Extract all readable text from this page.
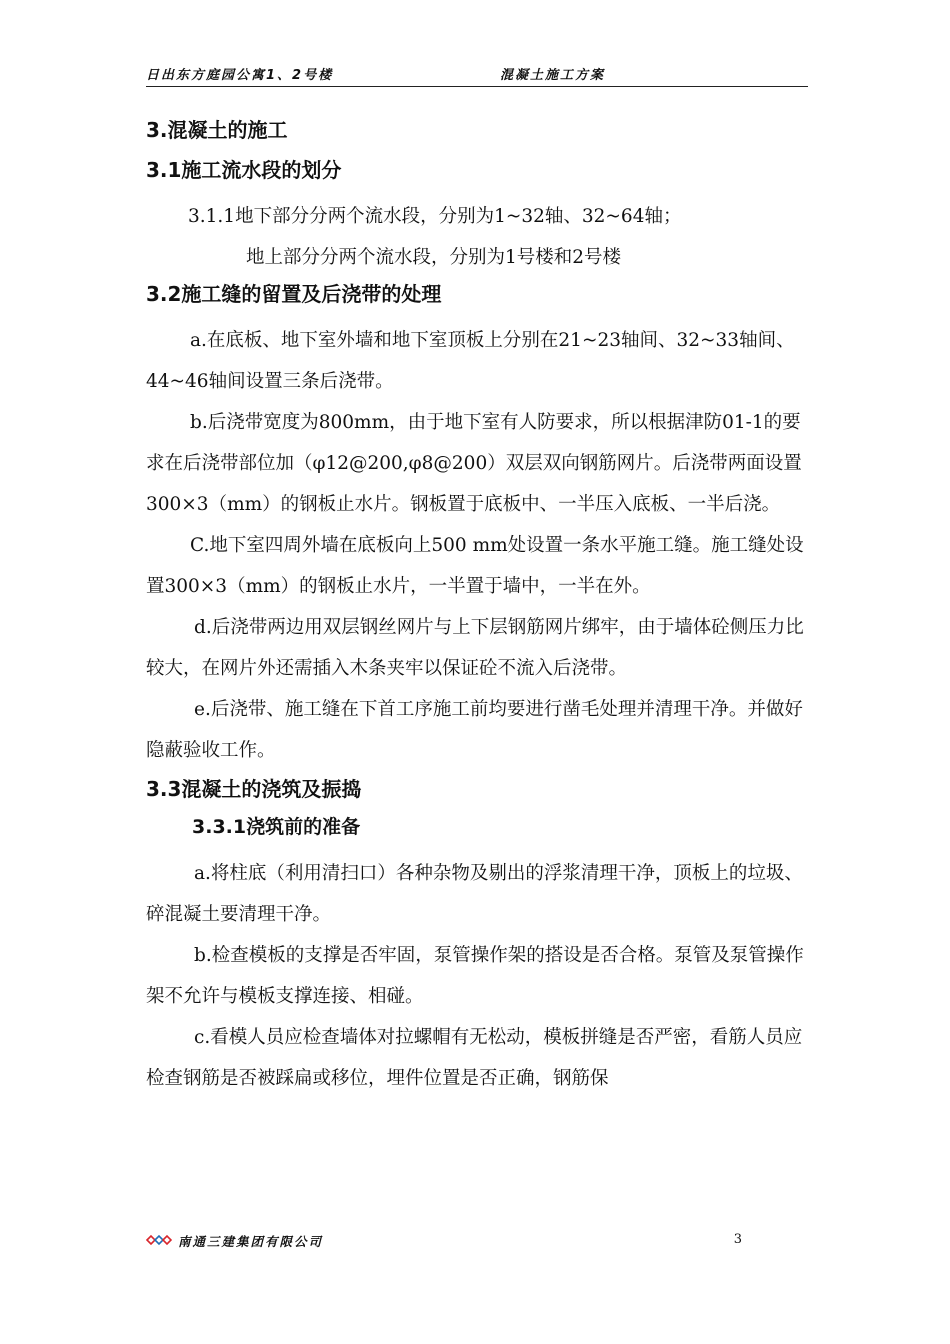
日出东方庭园公寓1、2号楼	混凝土施工方案
3.混凝土的施工
3.1施工流水段的划分

3.1.1地下部分分两个流水段，分别为1~32轴、32~64轴；

地上部分分两个流水段，分别为1号楼和2号楼

3.2施工缝的留置及后浇带的处理

a.在底板、地下室外墙和地下室顶板上分别在21~23轴间、32~33轴间、44~46轴间设置三条后浇带。

b.后浇带宽度为800mm，由于地下室有人防要求，所以根据津防01-1的要求在后浇带部位加（φ12@200,φ8@200）双层双向钢筋网片。后浇带两面设置300×3（mm）的钢板止水片。钢板置于底板中、一半压入底板、一半后浇。

C.地下室四周外墙在底板向上500 mm处设置一条水平施工缝。施工缝处设置300×3（mm）的钢板止水片，一半置于墙中，一半在外。

d.后浇带两边用双层钢丝网片与上下层钢筋网片绑牢，由于墙体砼侧压力比较大，在网片外还需插入木条夹牢以保证砼不流入后浇带。

e.后浇带、施工缝在下首工序施工前均要进行凿毛处理并清理干净。并做好隐蔽验收工作。

3.3混凝土的浇筑及振捣
3.3.1浇筑前的准备

a.将柱底（利用清扫口）各种杂物及剔出的浮浆清理干净，顶板上的垃圾、碎混凝土要清理干净。

b.检查模板的支撑是否牢固，泵管操作架的搭设是否合格。泵管及泵管操作架不允许与模板支撑连接、相碰。

c.看模人员应检查墙体对拉螺帽有无松动，模板拼缝是否严密，看筋人员应检查钢筋是否被踩扁或移位，埋件位置是否正确，钢筋保

南通三建集团有限公司	3
